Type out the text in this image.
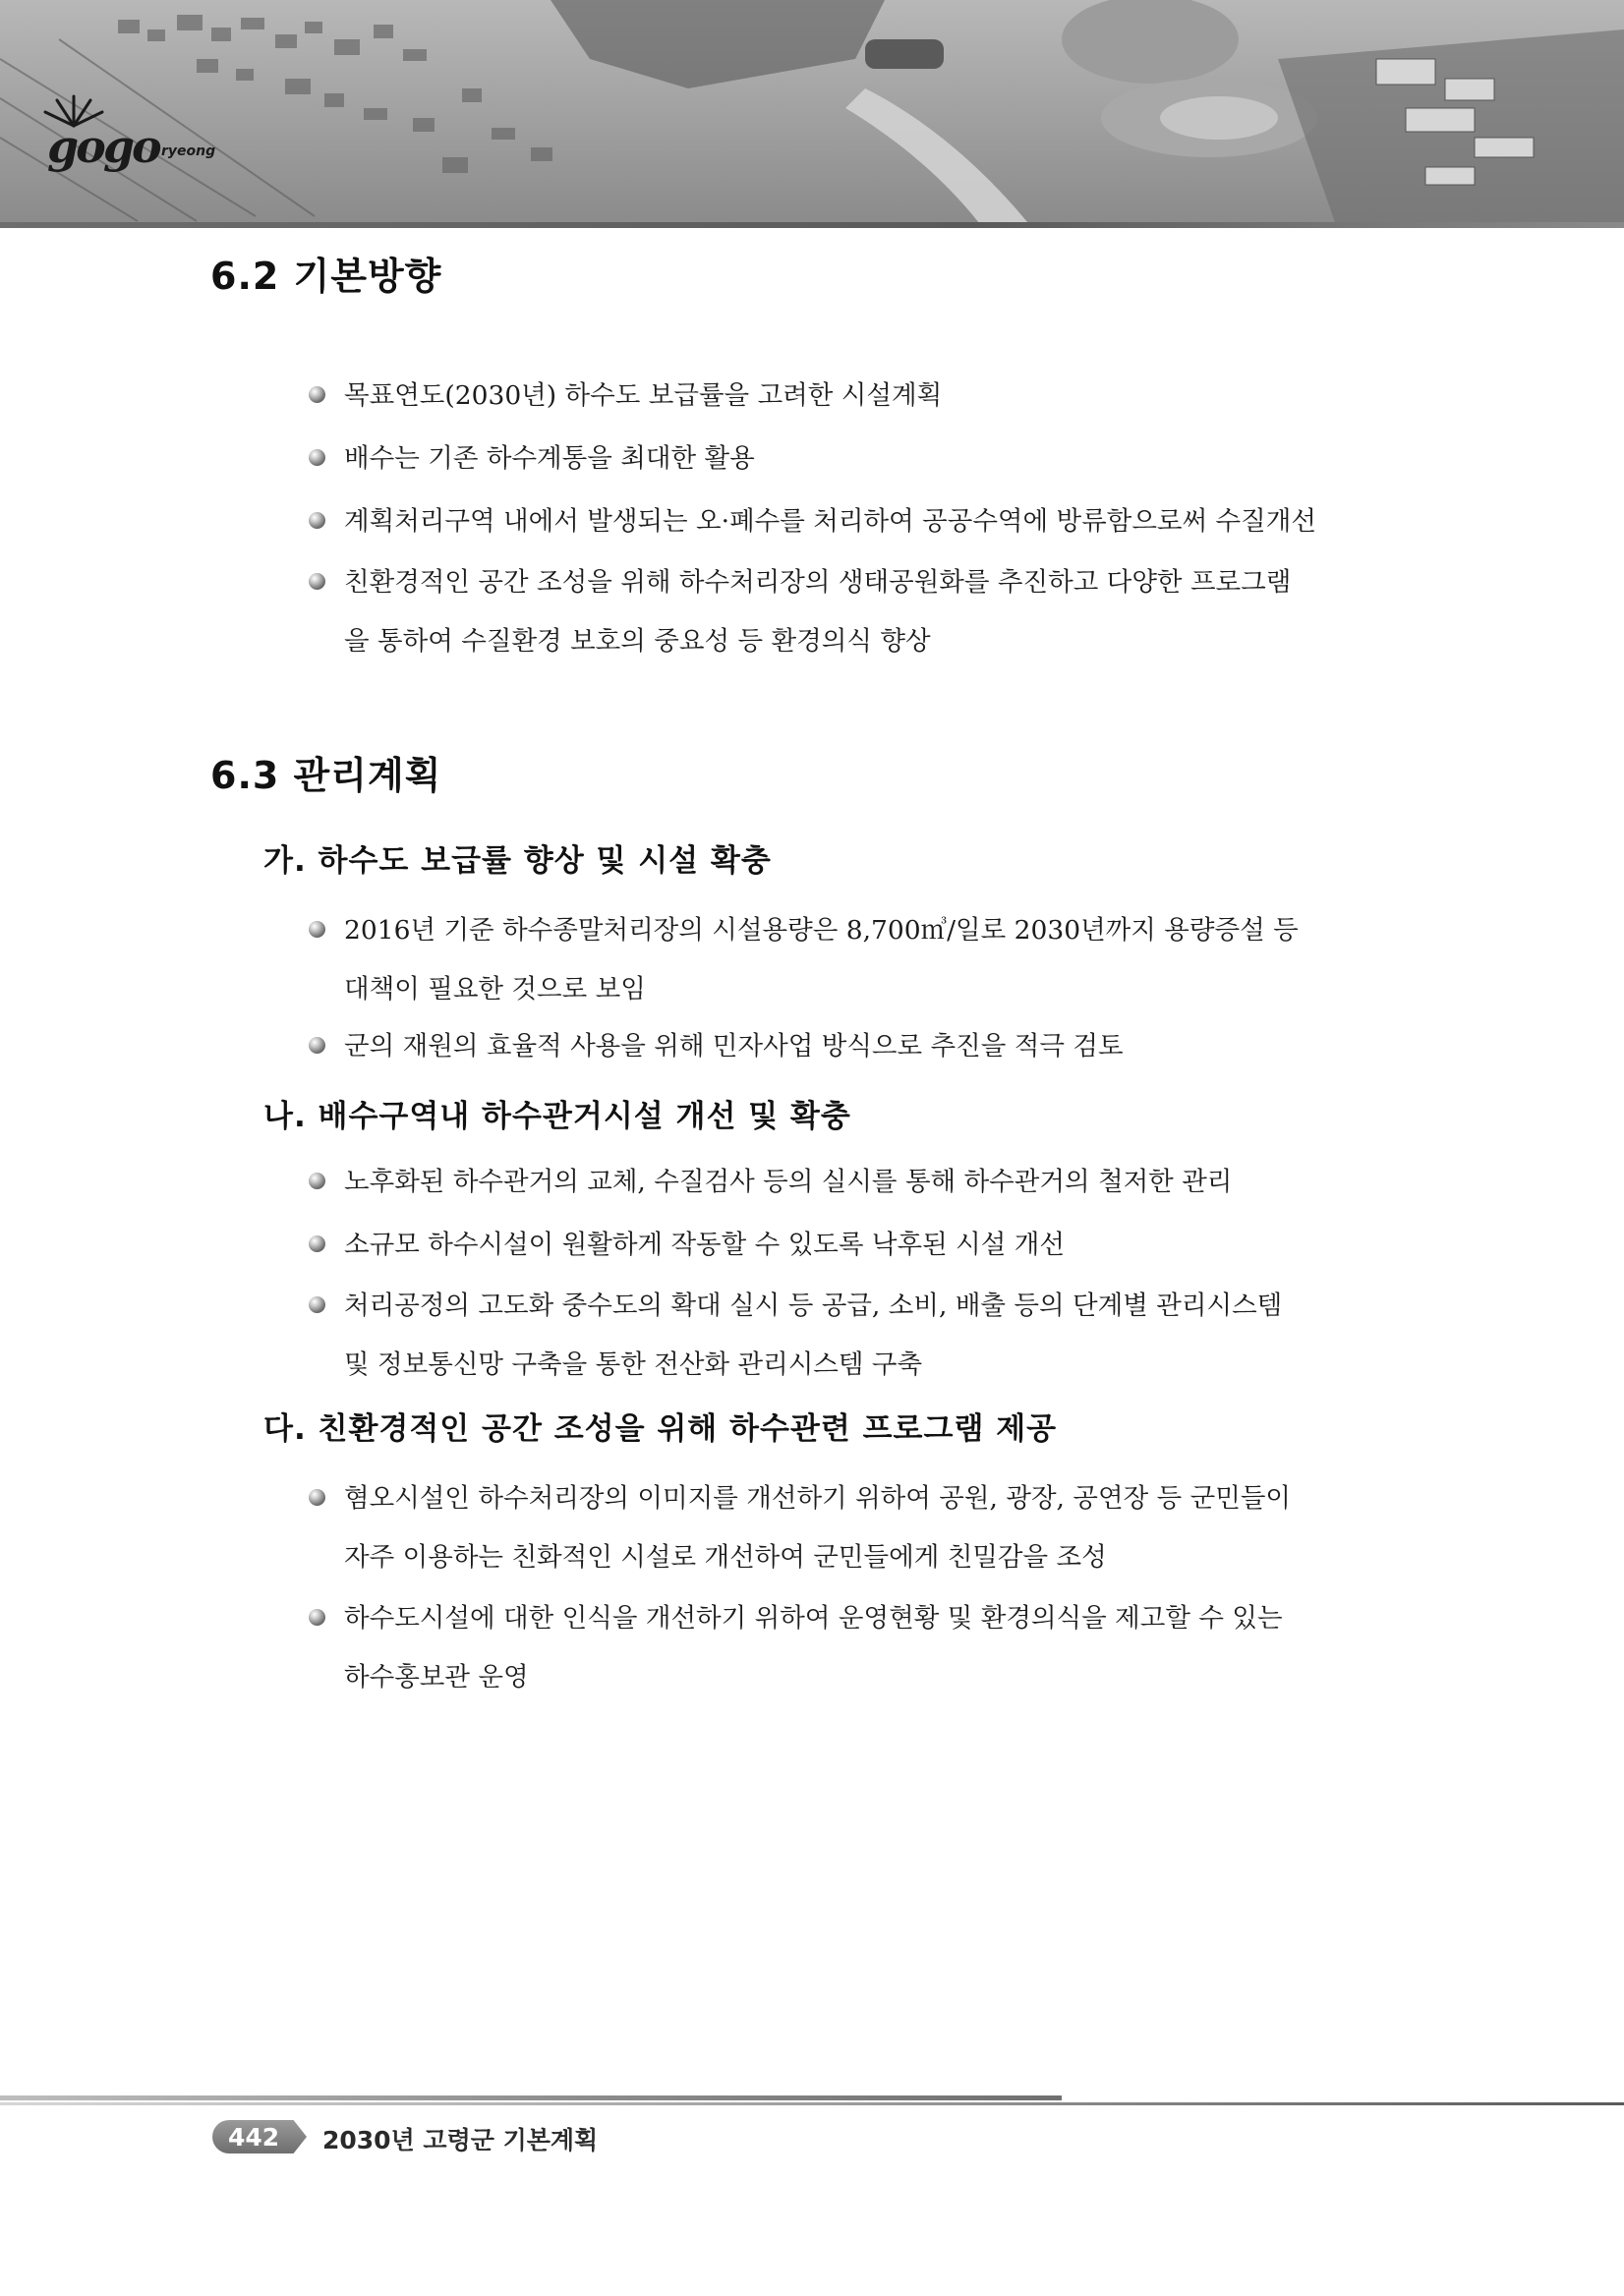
gogo ryeong
6.2 기본방향
목표연도(2030년) 하수도 보급률을 고려한 시설계획
배수는 기존 하수계통을 최대한 활용
계획처리구역 내에서 발생되는 오·폐수를 처리하여 공공수역에 방류함으로써 수질개선
친환경적인 공간 조성을 위해 하수처리장의 생태공원화를 추진하고 다양한 프로그램
을 통하여 수질환경 보호의 중요성 등 환경의식 향상
6.3 관리계획
가. 하수도 보급률 향상 및 시설 확충
2016년 기준 하수종말처리장의 시설용량은 8,700㎥/일로 2030년까지 용량증설 등
대책이 필요한 것으로 보임
군의 재원의 효율적 사용을 위해 민자사업 방식으로 추진을 적극 검토
나. 배수구역내 하수관거시설 개선 및 확충
노후화된 하수관거의 교체, 수질검사 등의 실시를 통해 하수관거의 철저한 관리
소규모 하수시설이 원활하게 작동할 수 있도록 낙후된 시설 개선
처리공정의 고도화 중수도의 확대 실시 등 공급, 소비, 배출 등의 단계별 관리시스템
및 정보통신망 구축을 통한 전산화 관리시스템 구축
다. 친환경적인 공간 조성을 위해 하수관련 프로그램 제공
혐오시설인 하수처리장의 이미지를 개선하기 위하여 공원, 광장, 공연장 등 군민들이
자주 이용하는 친화적인 시설로 개선하여 군민들에게 친밀감을 조성
하수도시설에 대한 인식을 개선하기 위하여 운영현황 및 환경의식을 제고할 수 있는
하수홍보관 운영
442 2030년 고령군 기본계획
